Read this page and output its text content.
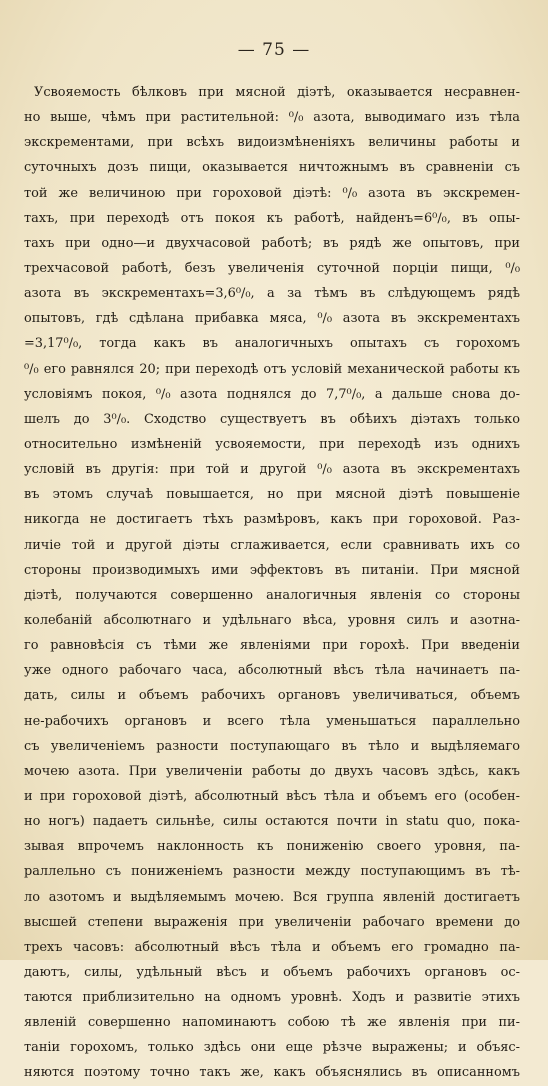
— 75 —
Усвояемость бѣлковъ при мясной діэтѣ, оказывается несравнен-
но выше, чѣмъ при растительной: ⁰/₀ азота, выводимаго изъ тѣла
экскрементами, при всѣхъ видоизмѣненіяхъ величины работы и
суточныхъ дозъ пищи, оказывается ничтожнымъ въ сравненіи съ
той же величиною при гороховой діэтѣ: ⁰/₀ азота въ экскремен-
тахъ, при переходѣ отъ покоя къ работѣ, найденъ=6⁰/₀, въ опы-
тахъ при одно—и двухчасовой работѣ; въ рядѣ же опытовъ, при
трехчасовой работѣ, безъ увеличенія суточной порціи пищи, ⁰/₀
азота въ экскрементахъ=3,6⁰/₀, а за тѣмъ въ слѣдующемъ рядѣ
опытовъ, гдѣ сдѣлана прибавка мяса, ⁰/₀ азота въ экскрементахъ
=3,17⁰/₀, тогда какъ въ аналогичныхъ опытахъ съ горохомъ
⁰/₀ его равнялся 20; при переходѣ отъ условій механической работы къ
условіямъ покоя, ⁰/₀ азота поднялся до 7,7⁰/₀, а дальше снова до-
шелъ до 3⁰/₀. Сходство существуетъ въ обѣихъ діэтахъ только
относительно измѣненій усвояемости, при переходѣ изъ однихъ
условій въ другія: при той и другой ⁰/₀ азота въ экскрементахъ
въ этомъ случаѣ повышается, но при мясной діэтѣ повышеніе
никогда не достигаетъ тѣхъ размѣровъ, какъ при гороховой. Раз-
личіе той и другой діэты сглаживается, если сравнивать ихъ со
стороны производимыхъ ими эффектовъ въ питаніи. При мясной
діэтѣ, получаются совершенно аналогичныя явленія со стороны
колебаній абсолютнаго и удѣльнаго вѣса, уровня силъ и азотна-
го равновѣсія съ тѣми же явленіями при горохѣ. При введеніи
уже одного рабочаго часа, абсолютный вѣсъ тѣла начинаетъ па-
дать, силы и объемъ рабочихъ органовъ увеличиваться, объемъ
не-рабочихъ органовъ и всего тѣла уменьшаться параллельно
съ увеличеніемъ разности поступающаго въ тѣло и выдѣляемаго
мочею азота. При увеличеніи работы до двухъ часовъ здѣсь, какъ
и при гороховой діэтѣ, абсолютный вѣсъ тѣла и объемъ его (особен-
но ногъ) падаетъ сильнѣе, силы остаются почти in statu quo, пока-
зывая впрочемъ наклонность къ пониженію своего уровня, па-
раллельно съ пониженіемъ разности между поступающимъ въ тѣ-
ло азотомъ и выдѣляемымъ мочею. Вся группа явленій достигаетъ
высшей степени выраженія при увеличеніи рабочаго времени до
трехъ часовъ: абсолютный вѣсъ тѣла и объемъ его громадно па-
даютъ, силы, удѣльный вѣсъ и объемъ рабочихъ органовъ ос-
таются приблизительно на одномъ уровнѣ. Ходъ и развитіе этихъ
явленій совершенно напоминаютъ собою тѣ же явленія при пи-
таніи горохомъ, только здѣсь они еще рѣзче выражены; и объяс-
няются поэтому точно такъ же, какъ объяснялись въ описанномъ
